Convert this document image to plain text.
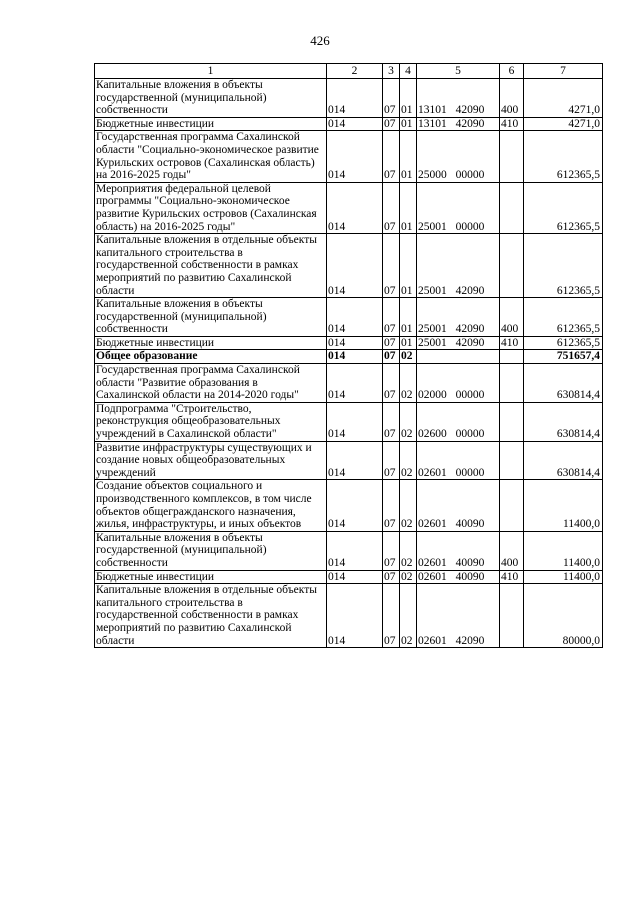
426
1	2	3	4	5	6	7
Капитальные вложения в объекты государственной (муниципальной) собственности	014	07	01	13101 42090	400	4271,0
Бюджетные инвестиции	014	07	01	13101 42090	410	4271,0
Государственная программа Сахалинской области "Социально-экономическое развитие Курильских островов (Сахалинская область) на 2016-2025 годы"	014	07	01	25000 00000		612365,5
Мероприятия федеральной целевой программы "Социально-экономическое развитие Курильских островов (Сахалинская область) на 2016-2025 годы"	014	07	01	25001 00000		612365,5
Капитальные вложения в отдельные объекты капитального строительства в государственной собственности в рамках мероприятий по развитию Сахалинской области	014	07	01	25001 42090		612365,5
Капитальные вложения в объекты государственной (муниципальной) собственности	014	07	01	25001 42090	400	612365,5
Бюджетные инвестиции	014	07	01	25001 42090	410	612365,5
Общее образование	014	07	02			751657,4
Государственная программа Сахалинской области "Развитие образования в Сахалинской области на 2014-2020 годы"	014	07	02	02000 00000		630814,4
Подпрограмма "Строительство, реконструкция общеобразовательных учреждений в Сахалинской области"	014	07	02	02600 00000		630814,4
Развитие инфраструктуры существующих и создание новых общеобразовательных учреждений	014	07	02	02601 00000		630814,4
Создание объектов социального и производственного комплексов, в том числе объектов общегражданского назначения, жилья, инфраструктуры, и иных объектов	014	07	02	02601 40090		11400,0
Капитальные вложения в объекты государственной (муниципальной) собственности	014	07	02	02601 40090	400	11400,0
Бюджетные инвестиции	014	07	02	02601 40090	410	11400,0
Капитальные вложения в отдельные объекты капитального строительства в государственной собственности в рамках мероприятий по развитию Сахалинской области	014	07	02	02601 42090		80000,0
